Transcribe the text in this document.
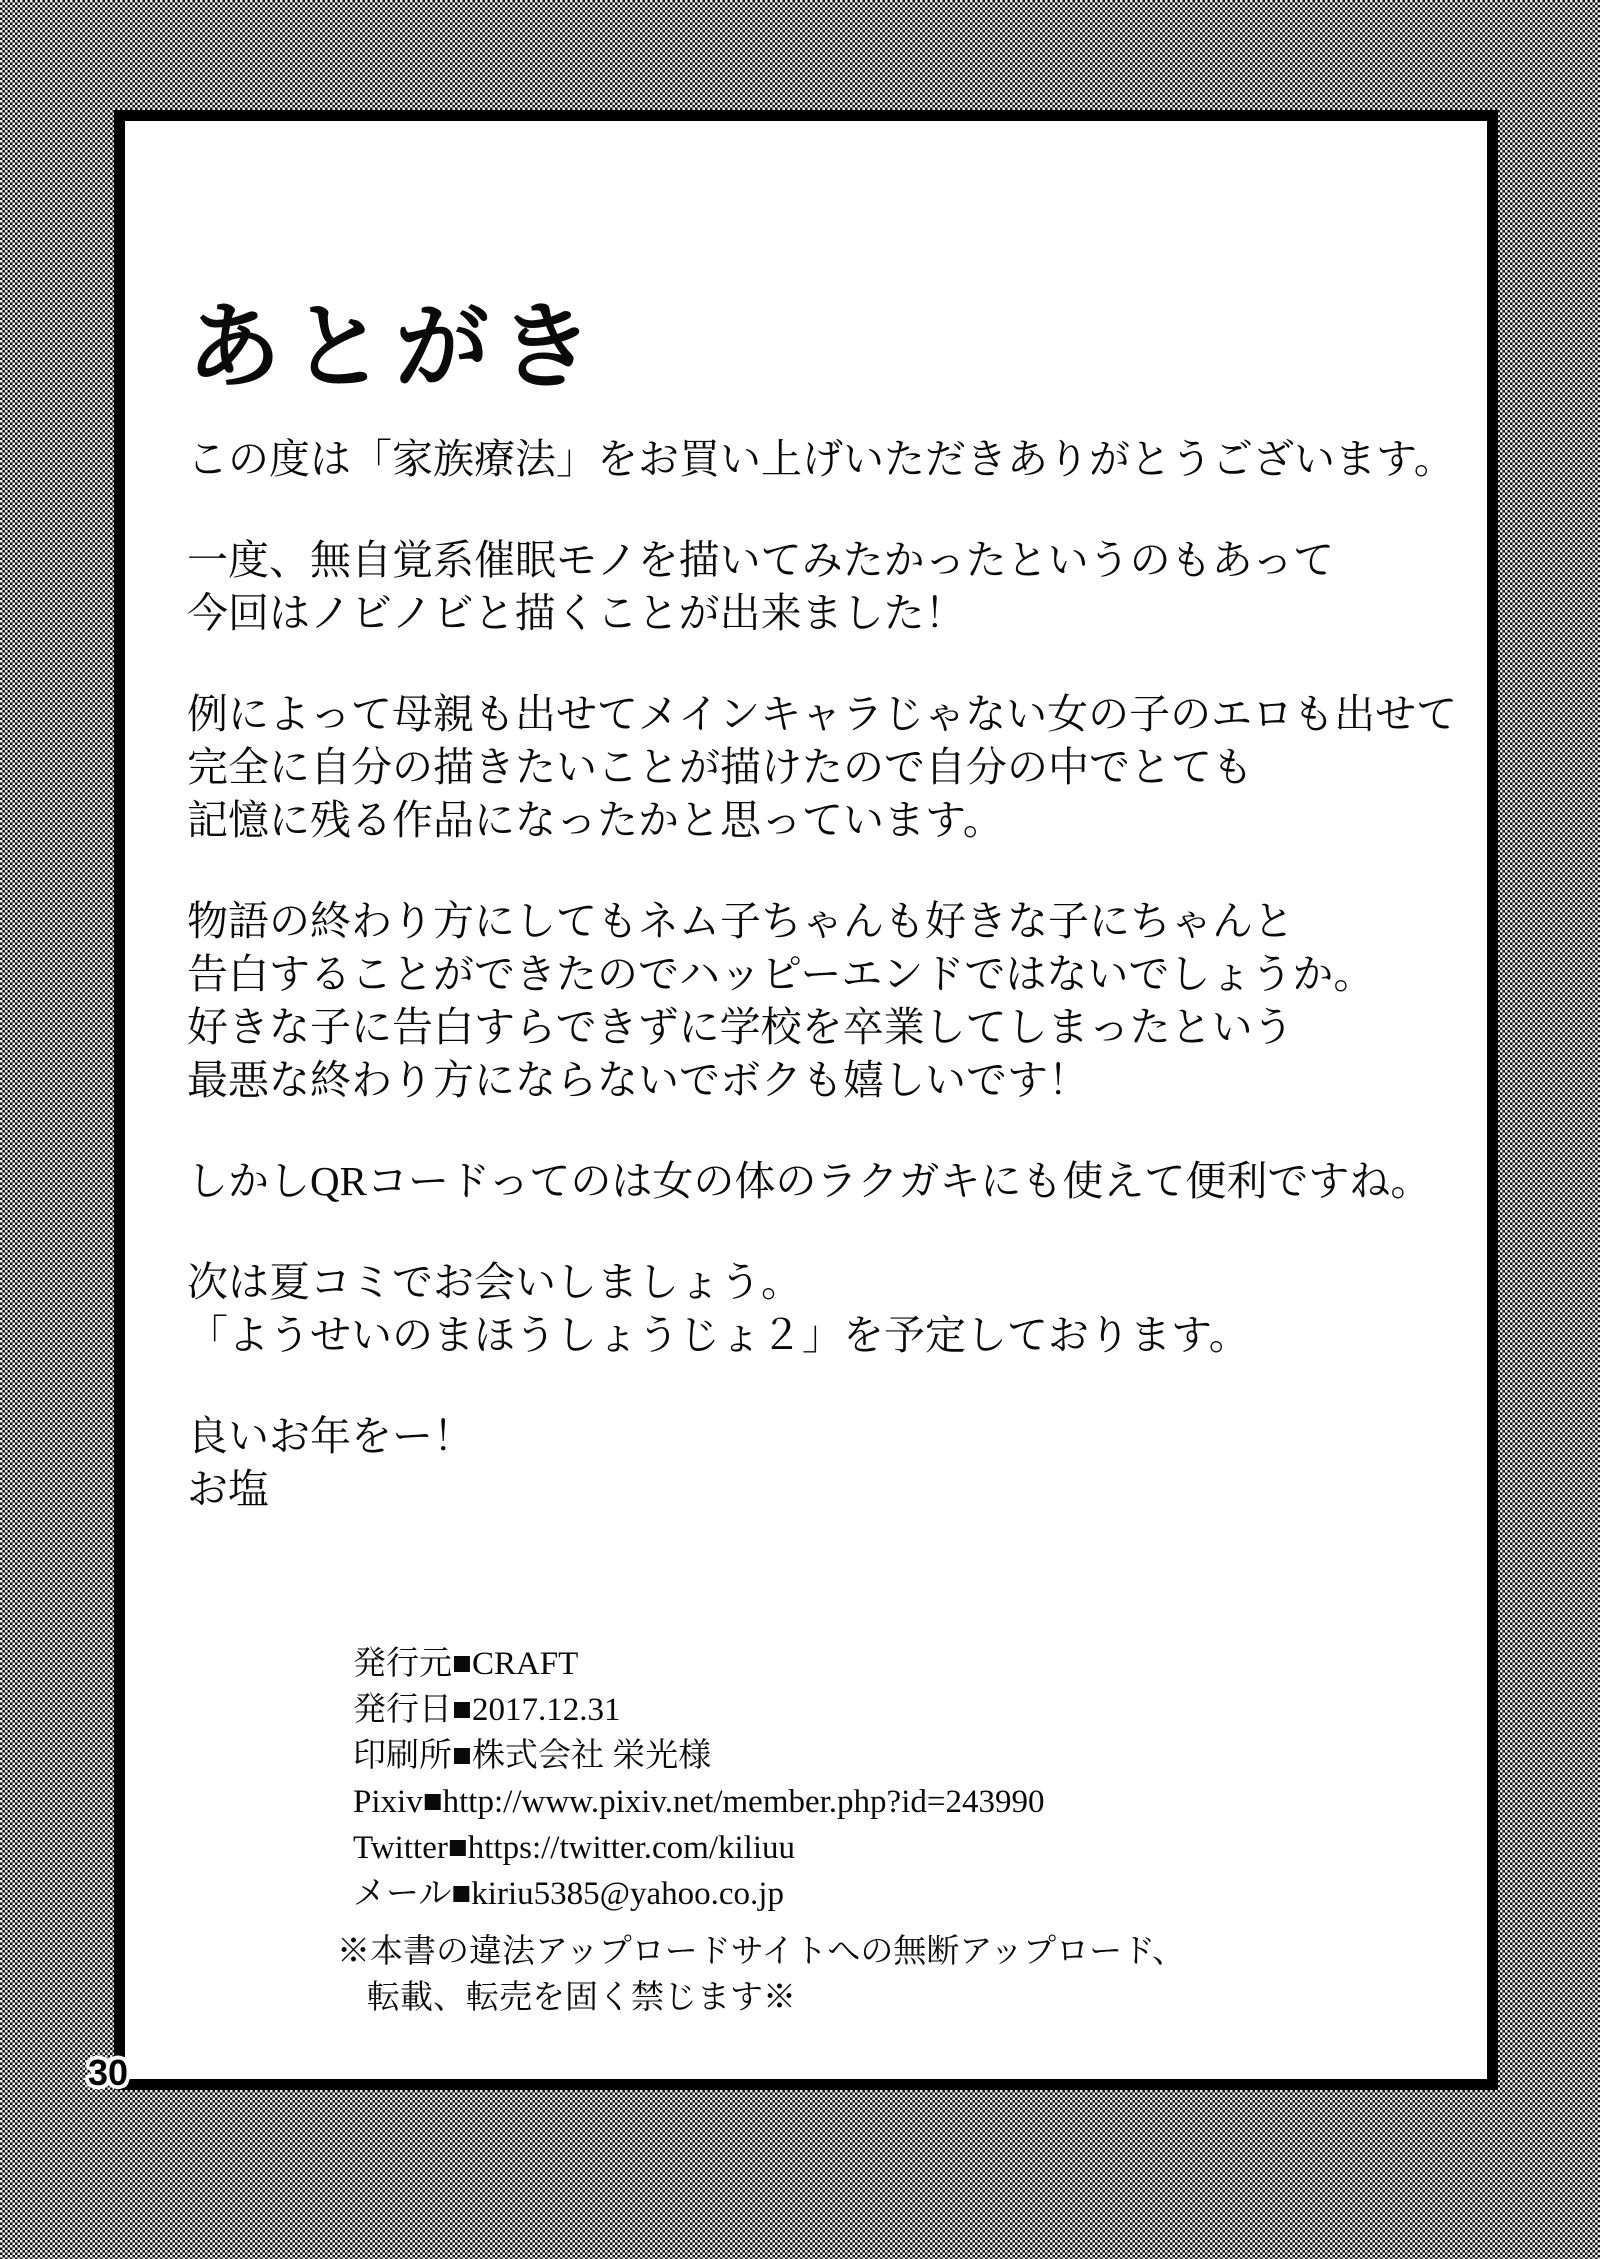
あとがき

この度は「家族療法」をお買い上げいただきありがとうございます。

一度、無自覚系催眠モノを描いてみたかったというのもあって
今回はノビノビと描くことが出来ました！

例によって母親も出せてメインキャラじゃない女の子のエロも出せて
完全に自分の描きたいことが描けたので自分の中でとても
記憶に残る作品になったかと思っています。

物語の終わり方にしてもネム子ちゃんも好きな子にちゃんと
告白することができたのでハッピーエンドではないでしょうか。
好きな子に告白すらできずに学校を卒業してしまったという
最悪な終わり方にならないでボクも嬉しいです！

しかしQRコードってのは女の体のラクガキにも使えて便利ですね。

次は夏コミでお会いしましょう。
「ようせいのまほうしょうじょ２」を予定しております。

良いお年をー！
お塩

発行元■CRAFT
発行日■2017.12.31
印刷所■株式会社 栄光様
Pixiv■http://www.pixiv.net/member.php?id=243990
Twitter■https://twitter.com/kiliuu
メール■kiriu5385@yahoo.co.jp
※本書の違法アップロードサイトへの無断アップロード、
転載、転売を固く禁じます※
30
